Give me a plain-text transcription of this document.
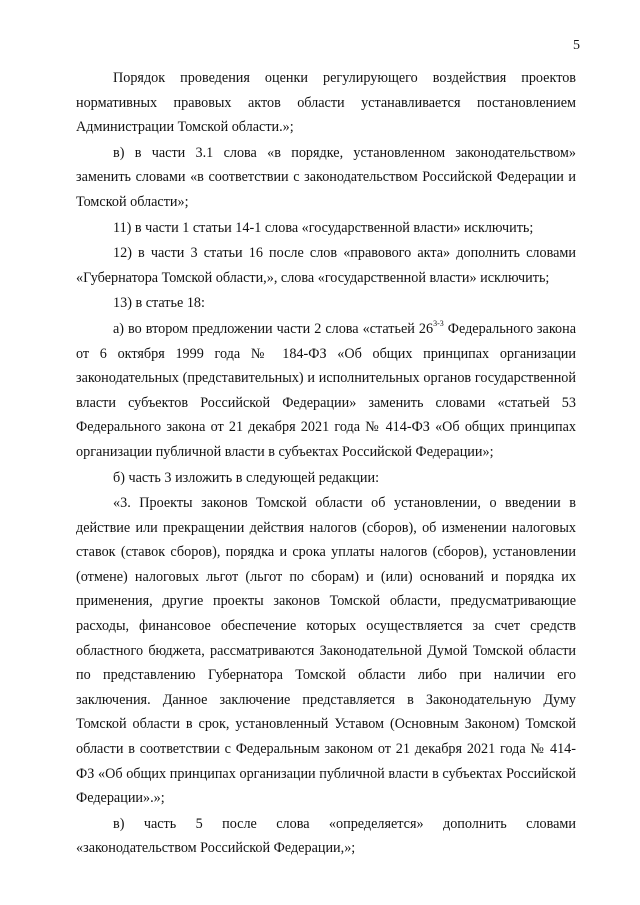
5

Порядок проведения оценки регулирующего воздействия проектов нормативных правовых актов области устанавливается постановлением

Администрации Томской области.»;

в) в части 3.1 слова «в порядке, установленном законодательством» заменить словами «в соответствии с законодательством Российской Федерации и Томской области»;

11) в части 1 статьи 14-1 слова «государственной власти» исключить;

12) в части 3 статьи 16 после слов «правового акта» дополнить словами «Губернатора Томской области,», слова «государственной власти» исключить;

13) в статье 18:

а) во втором предложении части 2 слова «статьей 26$^{3-3}$ Федерального закона от 6 октября 1999 года № 184-ФЗ «Об общих принципах организации законодательных (представительных) и исполнительных органов государственной власти субъектов Российской Федерации» заменить словами «статьей 53 Федерального закона от 21 декабря 2021 года № 414-ФЗ «Об общих принципах организации публичной власти в субъектах Российской Федерации»;

б) часть 3 изложить в следующей редакции:

«3. Проекты законов Томской области об установлении, о введении в действие или прекращении действия налогов (сборов), об изменении налоговых ставок (ставок сборов), порядка и срока уплаты налогов (сборов), установлении (отмене) налоговых льгот (льгот по сборам) и (или) оснований и порядка их применения, другие проекты законов Томской области, предусматривающие расходы, финансовое обеспечение которых осуществляется за счет средств областного бюджета, рассматриваются Законодательной Думой Томской области по представлению Губернатора Томской области либо при наличии его заключения. Данное заключение представляется в Законодательную Думу Томской области в срок, установленный Уставом (Основным Законом) Томской области в соответствии с Федеральным законом от 21 декабря 2021 года № 414-ФЗ «Об общих принципах организации публичной власти в субъектах Российской Федерации».»;

в) часть 5 после слова «определяется» дополнить словами «законодательством Российской Федерации,»;
